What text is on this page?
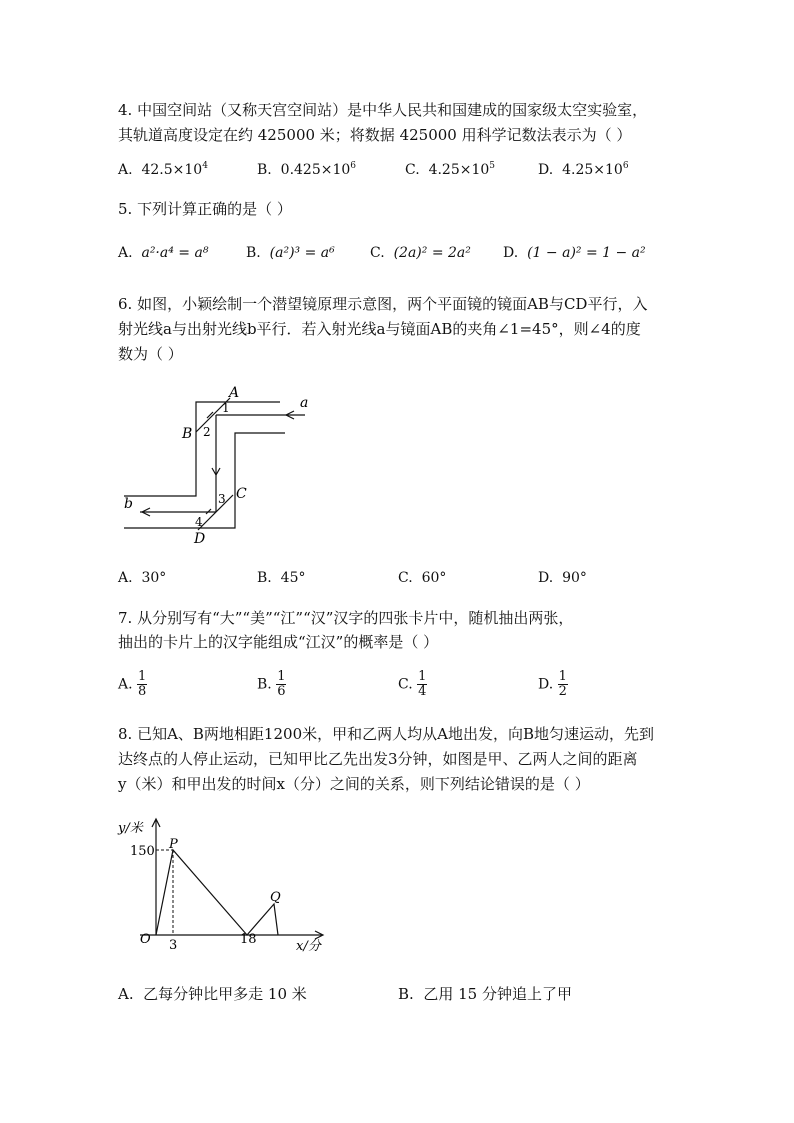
4. 中国空间站（又称天宫空间站）是中华人民共和国建成的国家级太空实验室，
其轨道高度设定在约 425000 米；将数据 425000 用科学记数法表示为（ ）
A. $42.5\times 10^4$	B. $0.425\times 10^6$	C. $4.25\times 10^5$	D. $4.25\times 10^6$
5. 下列计算正确的是（ ）
A. a²·a⁴ = a⁸	B. (a²)³ = a⁶	C. (2a)² = 2a² D. (1 − a)² = 1 − a²
6. 如图，小颖绘制一个潜望镜原理示意图，两个平面镜的镜面AB与CD平行，入
射光线a与出射光线b平行．若入射光线a与镜面AB的夹角∠1=45°，则∠4的度
数为（ ）
A
B
C
D
a
b
1
2
3
4
A. 30°	B. 45°	C. 60°	D. 90°
7. 从分别写有“大”“美”“江”“汉”汉字的四张卡片中，随机抽出两张，
抽出的卡片上的汉字能组成“江汉”的概率是（ ）
A. $\frac{1}{8}$	B. $\frac{1}{6}$	C. $\frac{1}{4}$	D. $\frac{1}{2}$
8. 已知A、B两地相距1200米，甲和乙两人均从A地出发，向B地匀速运动，先到
达终点的人停止运动，已知甲比乙先出发3分钟，如图是甲、乙两人之间的距离
y（米）和甲出发的时间x（分）之间的关系，则下列结论错误的是（ ）
y/米
x/分
150
O 3	18
P
Q
A. 乙每分钟比甲多走 10 米	B. 乙用 15 分钟追上了甲
